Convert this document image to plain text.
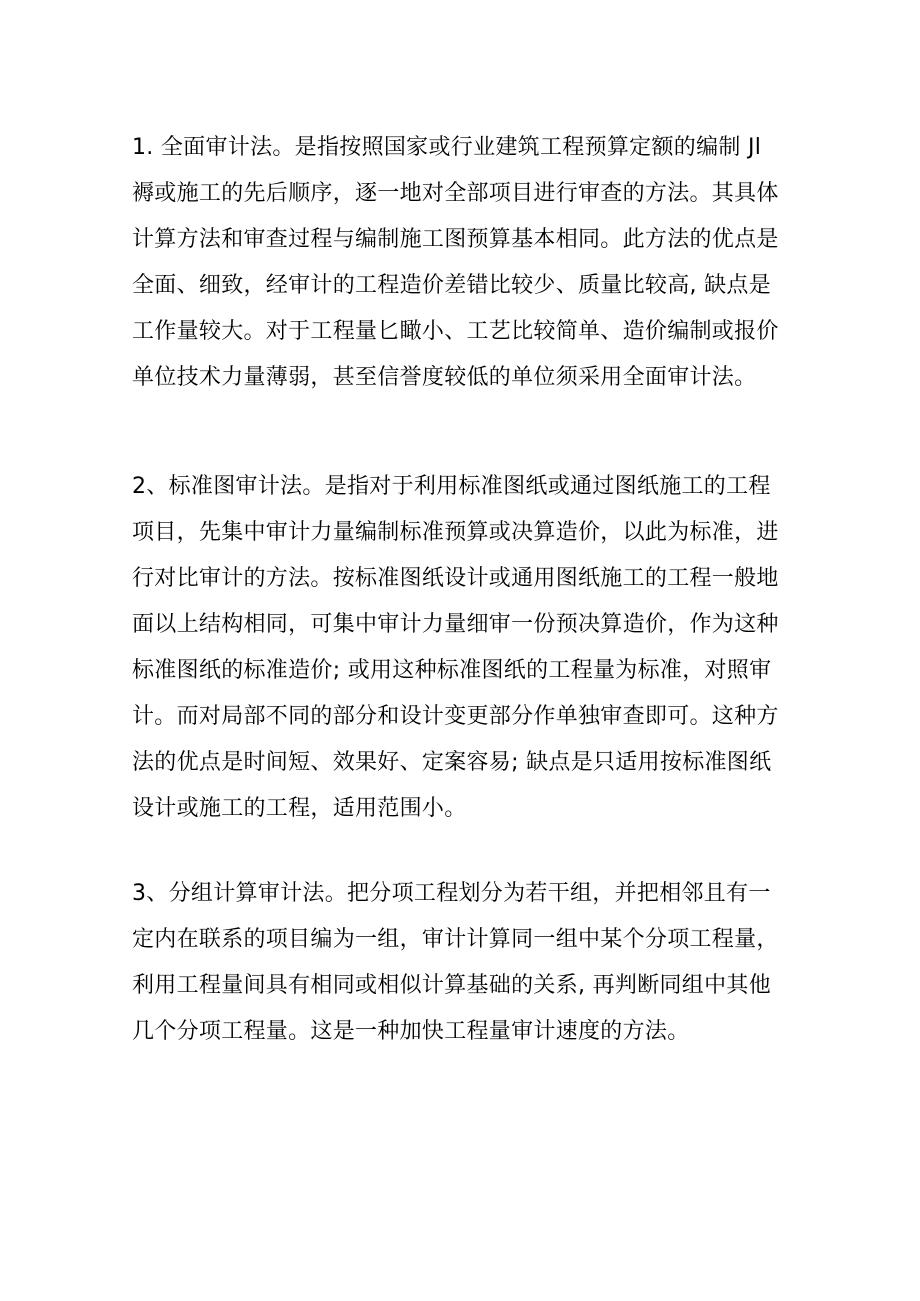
1. 全面审计法。是指按照国家或行业建筑工程预算定额的编制 Jl
褥或施工的先后顺序，逐一地对全部项目进行审查的方法。其具体
计算方法和审查过程与编制施工图预算基本相同。此方法的优点是
全面、细致，经审计的工程造价差错比较少、质量比较高, 缺点是
工作量较大。对于工程量匕瞰小、工艺比较简单、造价编制或报价
单位技术力量薄弱，甚至信誉度较低的单位须采用全面审计法。
2、标准图审计法。是指对于利用标准图纸或通过图纸施工的工程
项目，先集中审计力量编制标准预算或决算造价，以此为标准，进
行对比审计的方法。按标准图纸设计或通用图纸施工的工程一般地
面以上结构相同，可集中审计力量细审一份预决算造价，作为这种
标准图纸的标准造价; 或用这种标准图纸的工程量为标准，对照审
计。而对局部不同的部分和设计变更部分作单独审查即可。这种方
法的优点是时间短、效果好、定案容易; 缺点是只适用按标准图纸
设计或施工的工程，适用范围小。
3、分组计算审计法。把分项工程划分为若干组，并把相邻且有一
定内在联系的项目编为一组，审计计算同一组中某个分项工程量，
利用工程量间具有相同或相似计算基础的关系, 再判断同组中其他
几个分项工程量。这是一种加快工程量审计速度的方法。
